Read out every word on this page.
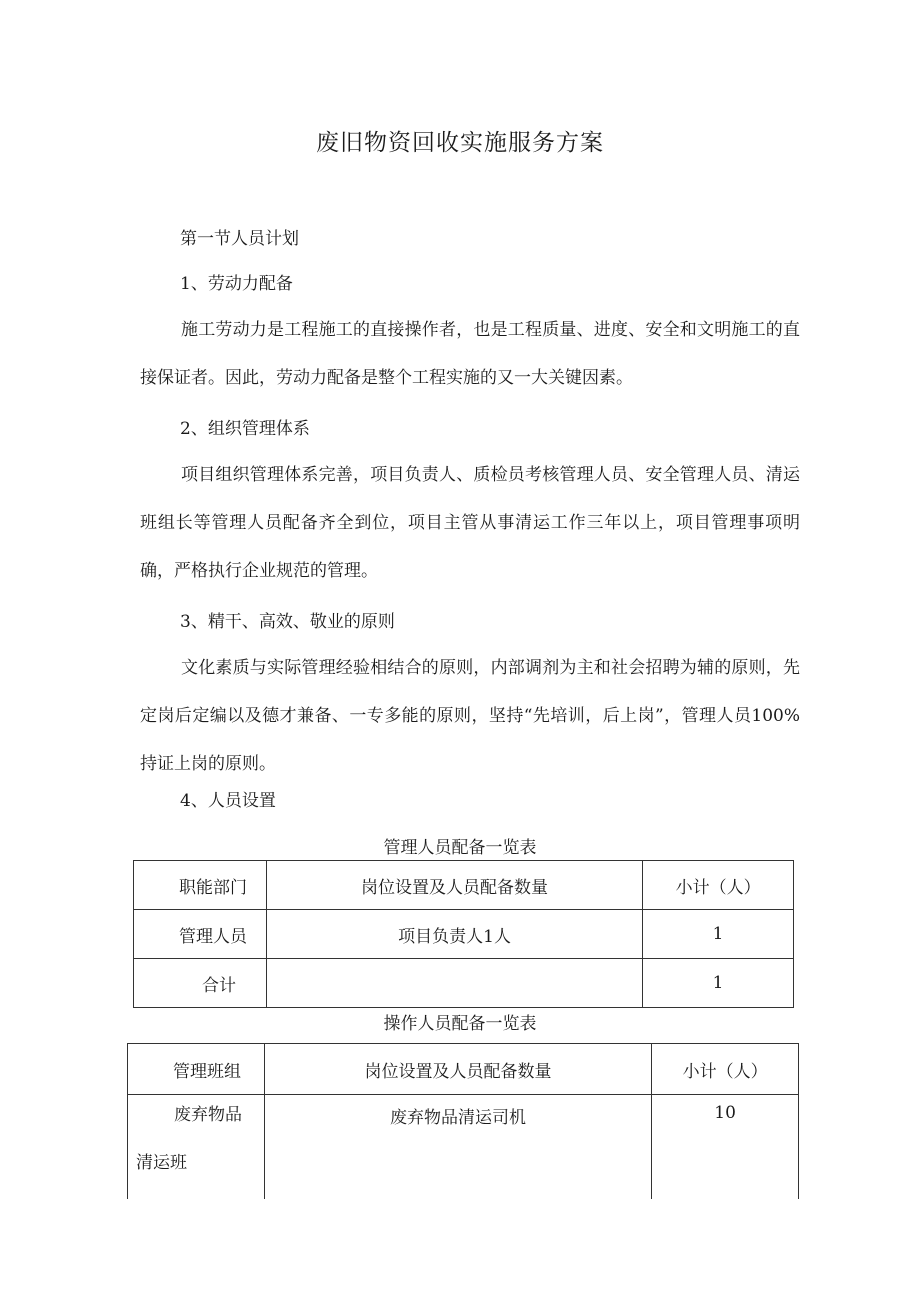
废旧物资回收实施服务方案
第一节人员计划
1、劳动力配备
施工劳动力是工程施工的直接操作者，也是工程质量、进度、安全和文明施工的直接保证者。因此，劳动力配备是整个工程实施的又一大关键因素。
2、组织管理体系
项目组织管理体系完善，项目负责人、质检员考核管理人员、安全管理人员、清运班组长等管理人员配备齐全到位，项目主管从事清运工作三年以上，项目管理事项明确，严格执行企业规范的管理。
3、精干、高效、敬业的原则
文化素质与实际管理经验相结合的原则，内部调剂为主和社会招聘为辅的原则，先定岗后定编以及德才兼备、一专多能的原则，坚持“先培训，后上岗”，管理人员100%持证上岗的原则。
4、人员设置
管理人员配备一览表
职能部门	岗位设置及人员配备数量	小计（人）
管理人员	项目负责人1人	1
合计		1
操作人员配备一览表
管理班组	岗位设置及人员配备数量	小计（人）

废弃物品
清运班	废弃物品清运司机	10
